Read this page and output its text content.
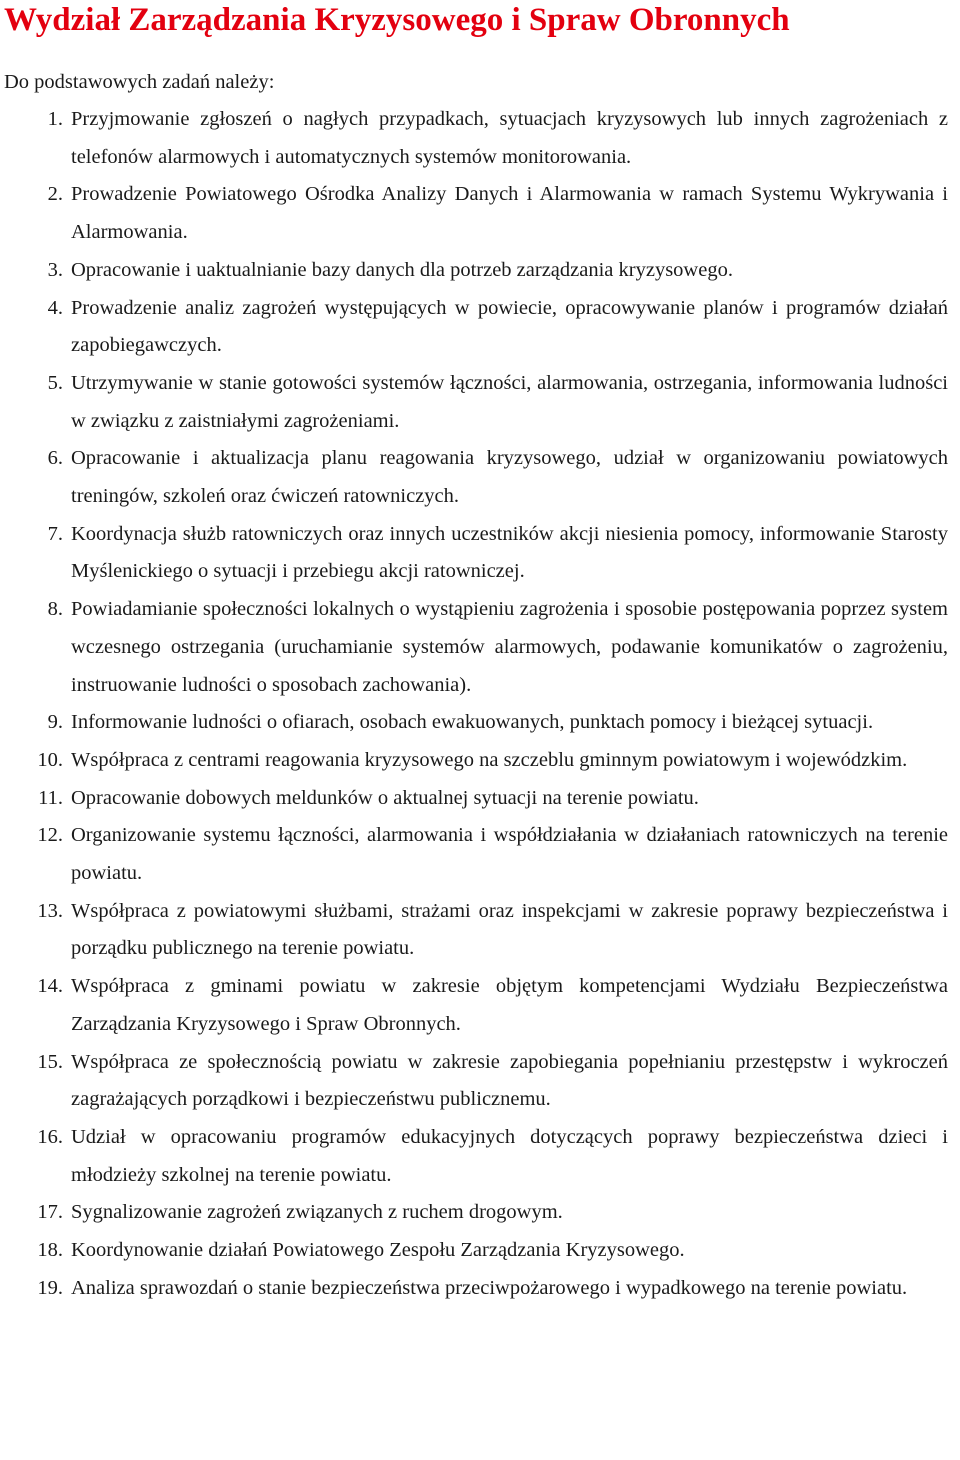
Wydział Zarządzania Kryzysowego i Spraw Obronnych
Do podstawowych zadań należy:
1. Przyjmowanie zgłoszeń o nagłych przypadkach, sytuacjach kryzysowych lub innych zagrożeniach z telefonów alarmowych i automatycznych systemów monitorowania.
2. Prowadzenie Powiatowego Ośrodka Analizy Danych i Alarmowania w ramach Systemu Wykrywania i Alarmowania.
3. Opracowanie i uaktualnianie bazy danych dla potrzeb zarządzania kryzysowego.
4. Prowadzenie analiz zagrożeń występujących w powiecie, opracowywanie planów i programów działań zapobiegawczych.
5. Utrzymywanie w stanie gotowości systemów łączności, alarmowania, ostrzegania, informowania ludności w związku z zaistniałymi zagrożeniami.
6. Opracowanie i aktualizacja planu reagowania kryzysowego, udział w organizowaniu powiatowych treningów, szkoleń oraz ćwiczeń ratowniczych.
7. Koordynacja służb ratowniczych oraz innych uczestników akcji niesienia pomocy, informowanie Starosty Myślenickiego o sytuacji i przebiegu akcji ratowniczej.
8. Powiadamianie społeczności lokalnych o wystąpieniu zagrożenia i sposobie postępowania poprzez system wczesnego ostrzegania (uruchamianie systemów alarmowych, podawanie komunikatów o zagrożeniu, instruowanie ludności o sposobach zachowania).
9. Informowanie ludności o ofiarach, osobach ewakuowanych, punktach pomocy i bieżącej sytuacji.
10. Współpraca z centrami reagowania kryzysowego na szczeblu gminnym powiatowym i wojewódzkim.
11. Opracowanie dobowych meldunków o aktualnej sytuacji na terenie powiatu.
12. Organizowanie systemu łączności, alarmowania i współdziałania w działaniach ratowniczych na terenie powiatu.
13. Współpraca z powiatowymi służbami, strażami oraz inspekcjami w zakresie poprawy bezpieczeństwa i porządku publicznego na terenie powiatu.
14. Współpraca z gminami powiatu w zakresie objętym kompetencjami Wydziału Bezpieczeństwa Zarządzania Kryzysowego i Spraw Obronnych.
15. Współpraca ze społecznością powiatu w zakresie zapobiegania popełnianiu przestępstw i wykroczeń zagrażających porządkowi i bezpieczeństwu publicznemu.
16. Udział w opracowaniu programów edukacyjnych dotyczących poprawy bezpieczeństwa dzieci i młodzieży szkolnej na terenie powiatu.
17. Sygnalizowanie zagrożeń związanych z ruchem drogowym.
18. Koordynowanie działań Powiatowego Zespołu Zarządzania Kryzysowego.
19. Analiza sprawozdań o stanie bezpieczeństwa przeciwpożarowego i wypadkowego na terenie powiatu.
